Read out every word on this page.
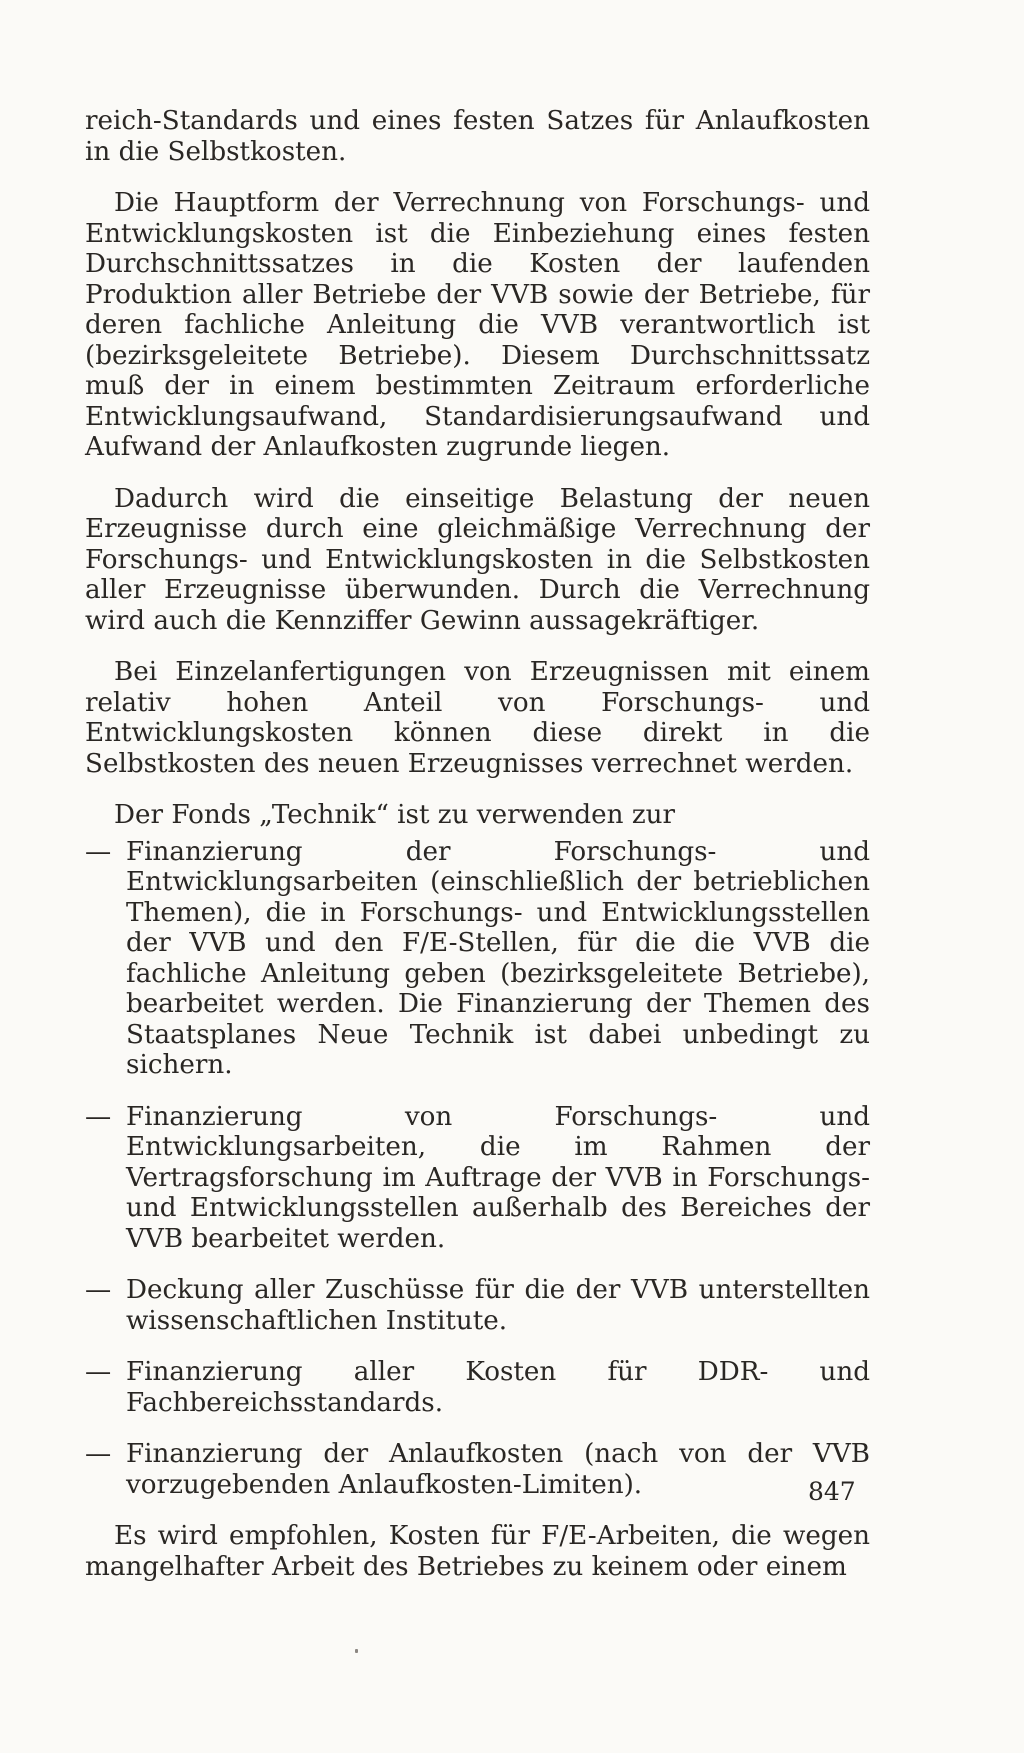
reich-Standards und eines festen Satzes für Anlaufkosten in die Selbstkosten.

Die Hauptform der Verrechnung von Forschungs- und Entwicklungskosten ist die Einbeziehung eines festen Durchschnittssatzes in die Kosten der laufenden Produktion aller Betriebe der VVB sowie der Betriebe, für deren fachliche Anleitung die VVB verantwortlich ist (bezirksgeleitete Betriebe). Diesem Durchschnittssatz muß der in einem bestimmten Zeitraum erforderliche Entwicklungsaufwand, Standardisierungsaufwand und Aufwand der Anlaufkosten zugrunde liegen.

Dadurch wird die einseitige Belastung der neuen Erzeugnisse durch eine gleichmäßige Verrechnung der Forschungs- und Entwicklungskosten in die Selbstkosten aller Erzeugnisse überwunden. Durch die Verrechnung wird auch die Kennziffer Gewinn aussagekräftiger.

Bei Einzelanfertigungen von Erzeugnissen mit einem relativ hohen Anteil von Forschungs- und Entwicklungskosten können diese direkt in die Selbstkosten des neuen Erzeugnisses verrechnet werden.

Der Fonds „Technik“ ist zu verwenden zur

— Finanzierung der Forschungs- und Entwicklungsarbeiten (einschließlich der betrieblichen Themen), die in Forschungs- und Entwicklungsstellen der VVB und den F/E-Stellen, für die die VVB die fachliche Anleitung geben (bezirksgeleitete Betriebe), bearbeitet werden. Die Finanzierung der Themen des Staatsplanes Neue Technik ist dabei unbedingt zu sichern.
— Finanzierung von Forschungs- und Entwicklungsarbeiten, die im Rahmen der Vertragsforschung im Auftrage der VVB in Forschungs- und Entwicklungsstellen außerhalb des Bereiches der VVB bearbeitet werden.
— Deckung aller Zuschüsse für die der VVB unterstellten wissenschaftlichen Institute.
— Finanzierung aller Kosten für DDR- und Fachbereichsstandards.
— Finanzierung der Anlaufkosten (nach von der VVB vorzugebenden Anlaufkosten-Limiten).

Es wird empfohlen, Kosten für F/E-Arbeiten, die wegen mangelhafter Arbeit des Betriebes zu keinem oder einem

847
